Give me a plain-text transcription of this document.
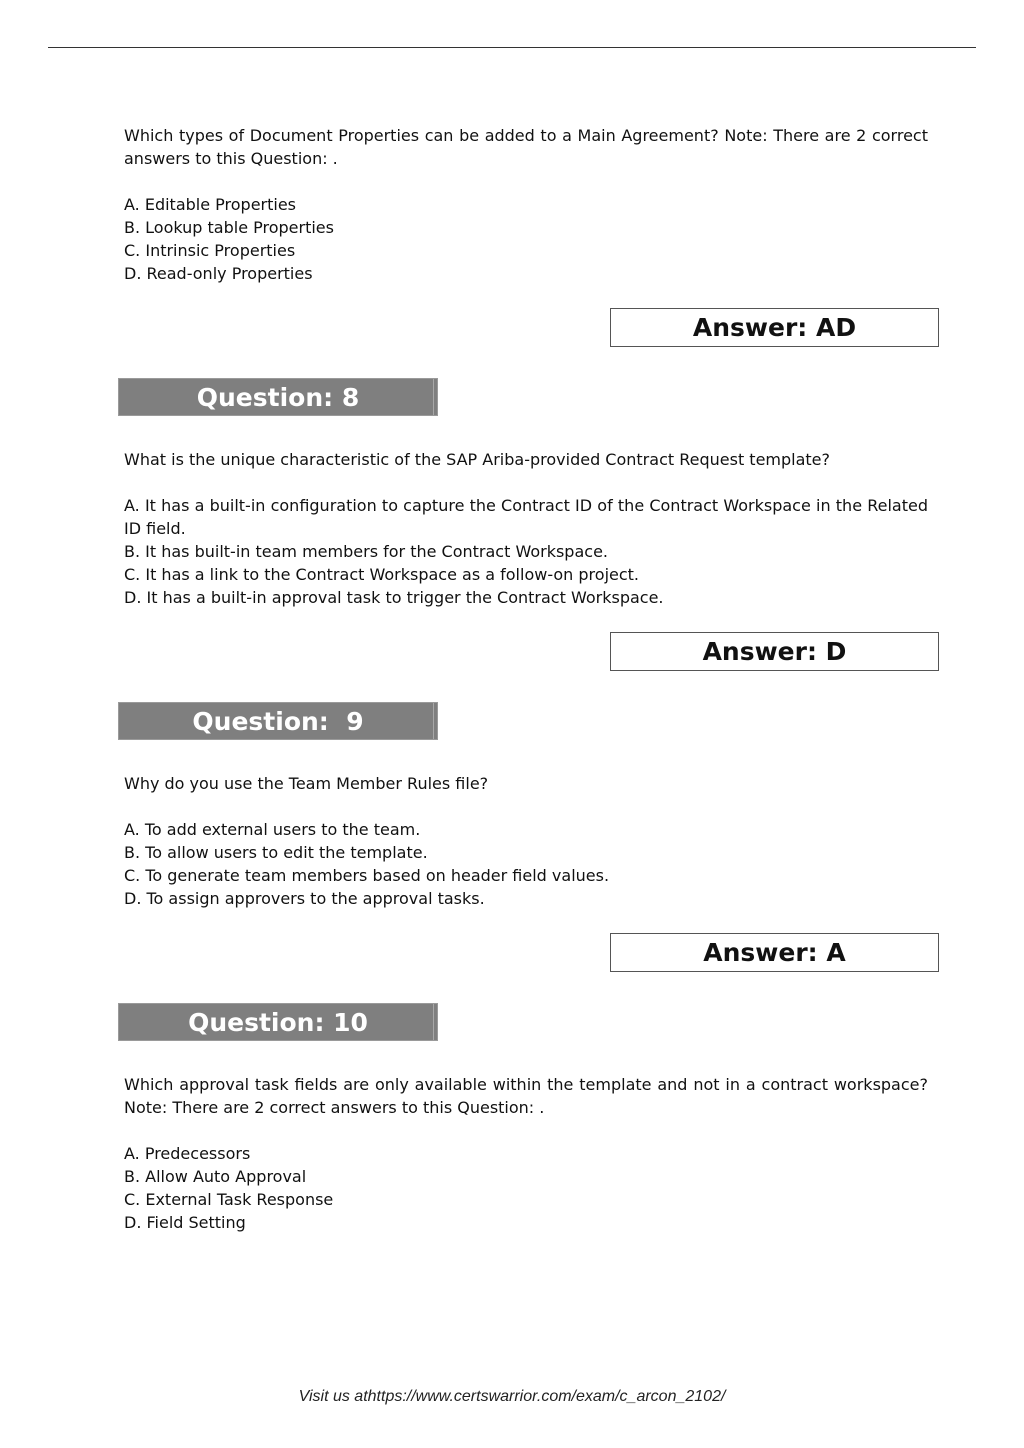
Which types of Document Properties can be added to a Main Agreement? Note: There are 2 correct answers to this Question: .

A. Editable Properties
B. Lookup table Properties
C. Intrinsic Properties
D. Read-only Properties
Answer: AD
Question: 8

What is the unique characteristic of the SAP Ariba-provided Contract Request template?

A. It has a built-in configuration to capture the Contract ID of the Contract Workspace in the Related ID field.
B. It has built-in team members for the Contract Workspace.
C. It has a link to the Contract Workspace as a follow-on project.
D. It has a built-in approval task to trigger the Contract Workspace.
Answer: D
Question:  9

Why do you use the Team Member Rules file?

A. To add external users to the team.
B. To allow users to edit the template.
C. To generate team members based on header field values.
D. To assign approvers to the approval tasks.
Answer: A
Question: 10

Which approval task fields are only available within the template and not in a contract workspace? Note: There are 2 correct answers to this Question: .

A. Predecessors
B. Allow Auto Approval
C. External Task Response
D. Field Setting
Visit us athttps://www.certswarrior.com/exam/c_arcon_2102/
